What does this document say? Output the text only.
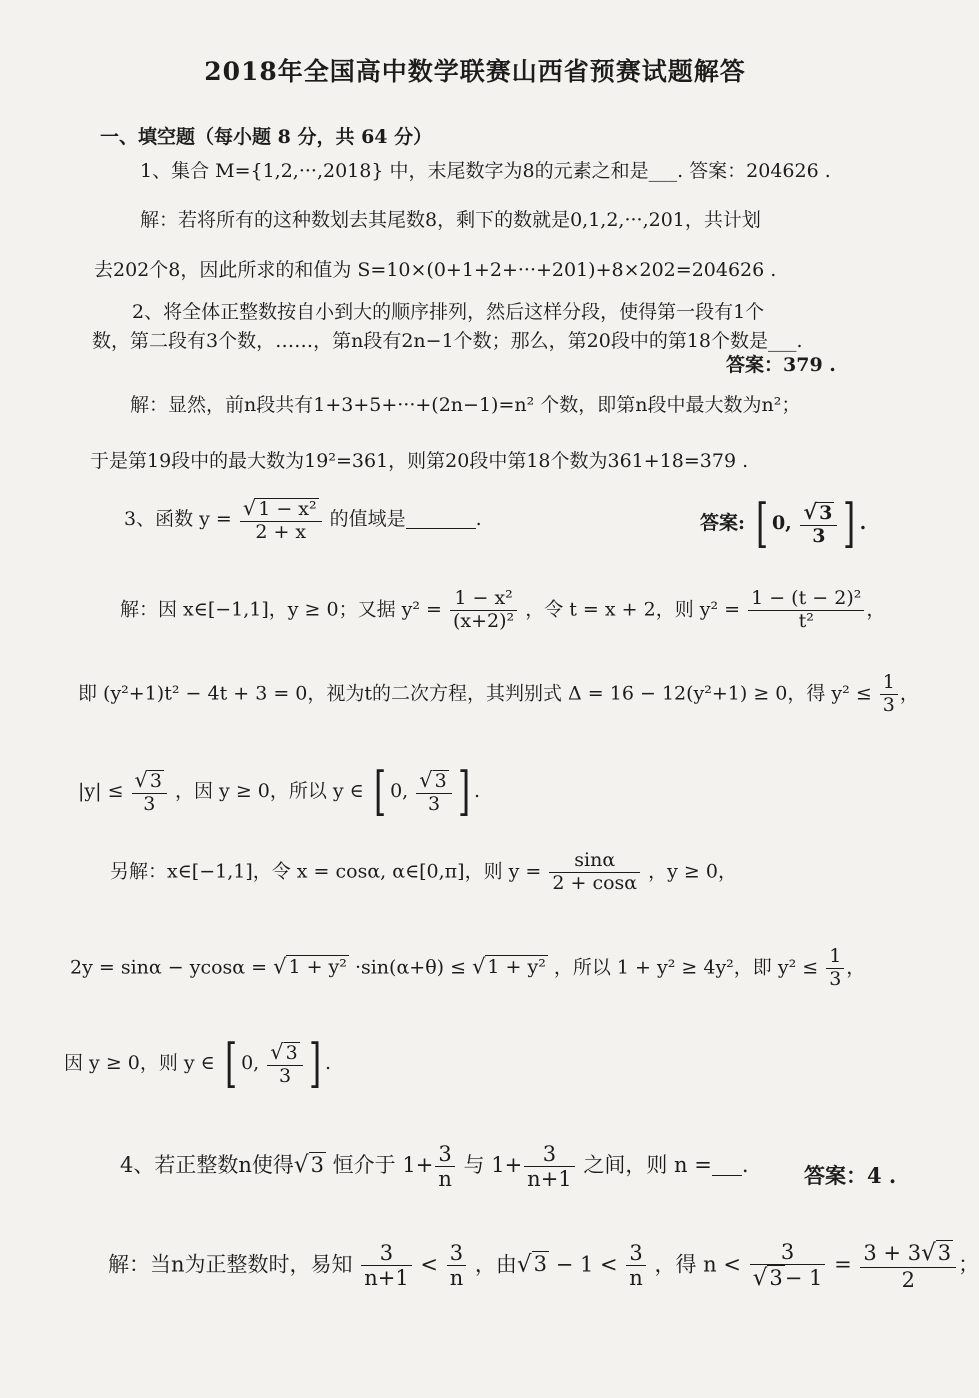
2018年全国高中数学联赛山西省预赛试题解答
一、填空题（每小题 8 分，共 64 分）
1、集合 M={1,2,···,2018} 中，末尾数字为8的元素之和是___. 答案：204626 .
解：若将所有的这种数划去其尾数8，剩下的数就是0,1,2,···,201，共计划
去202个8，因此所求的和值为 S=10×(0+1+2+···+201)+8×202=204626 .
2、将全体正整数按自小到大的顺序排列，然后这样分段，使得第一段有1个
数，第二段有3个数，……，第n段有2n−1个数；那么，第20段中的第18个数是___.
答案：379 .
解：显然，前n段共有1+3+5+···+(2n−1)=n² 个数，即第n段中最大数为n²；
于是第19段中的最大数为19²=361，则第20段中第18个数为361+18=379 .
3、函数 $y = \frac{\text{√ 1 − x²}}{2 + x}$ 的值域是	.	答案: [ 0, $\frac{√ 3}{3}$ ] .
解：因 x∈[−1,1]，y ≥ 0；又据 $y^2 = \frac{\text{1 − x²}}{\text{(x+2)²}}$ ，令 t = x + 2，则 $y^2 = \frac{\text{1 − (t − 2)²}}{\text{t²}}$ ，
即 (y²+1)t² − 4t + 3 = 0，视为t的二次方程，其判别式 Δ = 16 − 12(y²+1) ≥ 0，得 $y^2 \le \frac{1}{3}$ ，
$|y| \le \frac{√ 3}{3}$ ，因 y ≥ 0，所以 y ∈ [ 0, $\frac{√ 3}{3}$ ] .
另解：x∈[−1,1]，令 x = cosα, α∈[0,π]，则 $y = \frac{\sin\alpha}{2 + \cos\alpha}$ ，y ≥ 0，
2y = sinα − ycosα = √ 1 + y² ·sin(α+θ) ≤ √ 1 + y² ，所以 1 + y² ≥ 4y²，即 $y^2 \le \frac{1}{3}$ ，
因 y ≥ 0，则 y ∈ [ 0, $\frac{√ 3}{3}$ ] .
4、若正整数n使得√3 恒介于 $1+ \frac{3}{n}$ 与 $1+ \frac{3}{n+1}$ 之间，则 n = .	答案：4 .
解：当n为正整数时，易知 $\frac{3}{n+1} < \frac{3}{n}$ ，由$√3 - 1 < \frac{3}{n}$ ，得 $n < \frac{3}{√3- 1} = \frac{3 + 3√3}{2}$ ；
